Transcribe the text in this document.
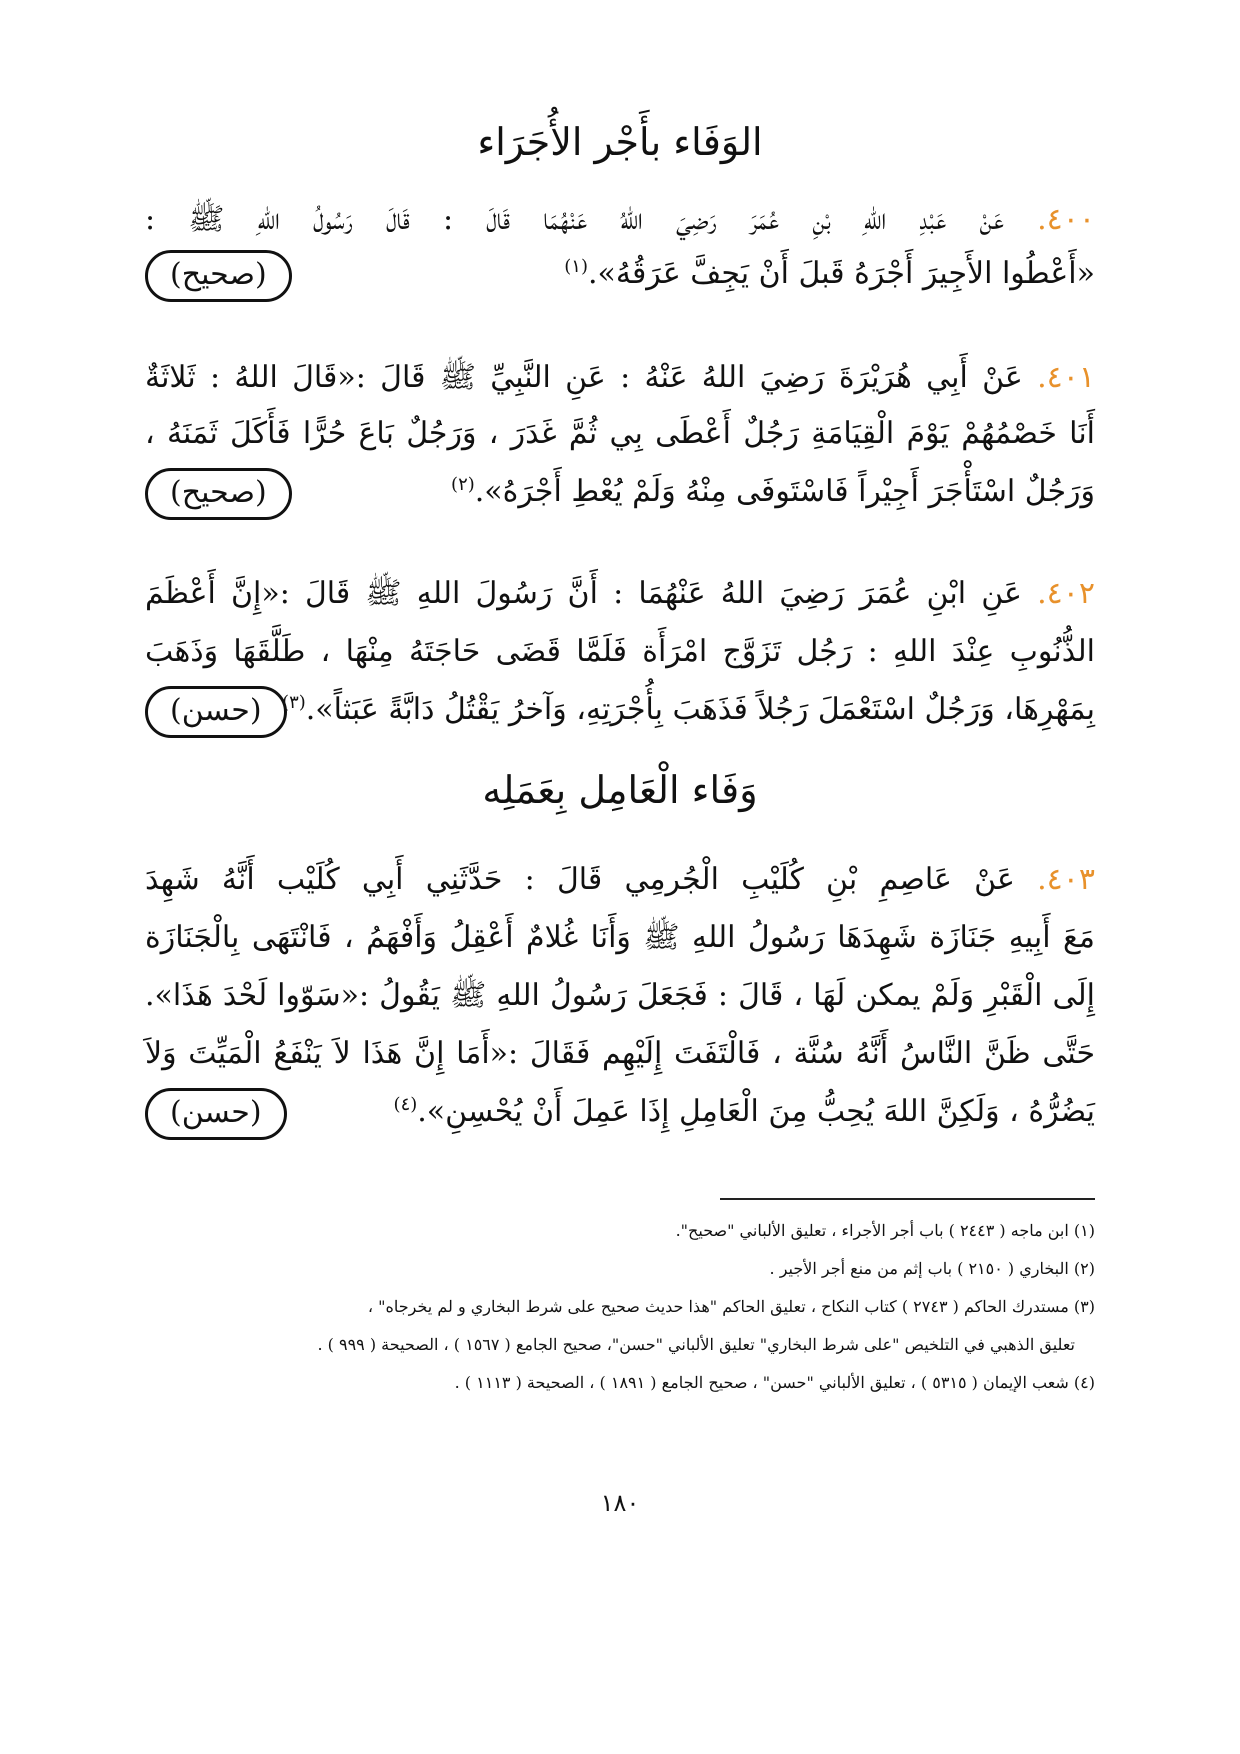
الوَفَاء بأَجْر الأُجَرَاء
٤٠٠. عَنْ عَبْدِ اللهِ بْنِ عُمَرَ رَضِيَ اللهُ عَنْهُمَا قَالَ : قَالَ رَسُولُ اللهِ ﷺ :
«أَعْطُوا الأَجِيرَ أَجْرَهُ قَبلَ أَنْ يَجِفَّ عَرَقُهُ».$^{(١)}$
(صحيح)
٤٠١. عَنْ أَبِي هُرَيْرَةَ رَضِيَ اللهُ عَنْهُ : عَنِ النَّبِيِّ ﷺ قَالَ :«قَالَ اللهُ : ثَلاثَةٌ
أَنَا خَصْمُهُمْ يَوْمَ الْقِيَامَةِ رَجُلٌ أَعْطَى بِي ثُمَّ غَدَرَ ، وَرَجُلٌ بَاعَ حُرًّا فَأَكَلَ ثَمَنَهُ ،
وَرَجُلٌ اسْتَأْجَرَ أَجِيْراً فَاسْتَوفَى مِنْهُ وَلَمْ يُعْطِ أَجْرَهُ».$^{(٢)}$
(صحيح)
٤٠٢. عَنِ ابْنِ عُمَرَ رَضِيَ اللهُ عَنْهُمَا : أَنَّ رَسُولَ اللهِ ﷺ قَالَ :«إِنَّ أَعْظَمَ
الذُّنُوبِ عِنْدَ اللهِ : رَجُل تَزَوَّج امْرَأَة فَلَمَّا قَضَى حَاجَتَهُ مِنْهَا ، طَلَّقَهَا وَذَهَبَ
بِمَهْرِهَا، وَرَجُلٌ اسْتَعْمَلَ رَجُلاً فَذَهَبَ بِأُجْرَتِهِ، وَآخرُ يَقْتُلُ دَابَّةً عَبَثاً».$^{(٣)}$
(حسن)
وَفَاء الْعَامِل بِعَمَلِه
٤٠٣. عَنْ عَاصِمِ بْنِ كُلَيْبِ الْجُرمِي قَالَ : حَدَّثَنِي أَبِي كُلَيْب أَنَّهُ شَهِدَ
مَعَ أَبِيهِ جَنَازَة شَهِدَهَا رَسُولُ اللهِ ﷺ وَأَنَا غُلامٌ أَعْقِلُ وَأَفْهَمُ ، فَانْتَهَى بِالْجَنَازَة
إِلَى الْقَبْرِ وَلَمْ يمكن لَهَا ، قَالَ : فَجَعَلَ رَسُولُ اللهِ ﷺ يَقُولُ :«سَوّوا لَحْدَ هَذَا».
حَتَّى ظَنَّ النَّاسُ أَنَّهُ سُنَّة ، فَالْتَفَتَ إِلَيْهِم فَقَالَ :«أَمَا إِنَّ هَذَا لاَ يَنْفَعُ الْمَيِّتَ وَلاَ
يَضُرُّهُ ، وَلَكِنَّ اللهَ يُحِبُّ مِنَ الْعَامِلِ إِذَا عَمِلَ أَنْ يُحْسِنِ».$^{(٤)}$
(حسن)
(١) ابن ماجه ( ٢٤٤٣ ) باب أجر الأجراء ، تعليق الألباني "صحيح".
(٢) البخاري ( ٢١٥٠ ) باب إثم من منع أجر الأجير .
(٣) مستدرك الحاكم ( ٢٧٤٣ ) كتاب النكاح ، تعليق الحاكم "هذا حديث صحيح على شرط البخاري و لم يخرجاه" ،
تعليق الذهبي في التلخيص "على شرط البخاري" تعليق الألباني "حسن"، صحيح الجامع ( ١٥٦٧ ) ، الصحيحة ( ٩٩٩ ) .
(٤) شعب الإيمان ( ٥٣١٥ ) ، تعليق الألباني "حسن" ، صحيح الجامع ( ١٨٩١ ) ، الصحيحة ( ١١١٣ ) .
١٨٠
